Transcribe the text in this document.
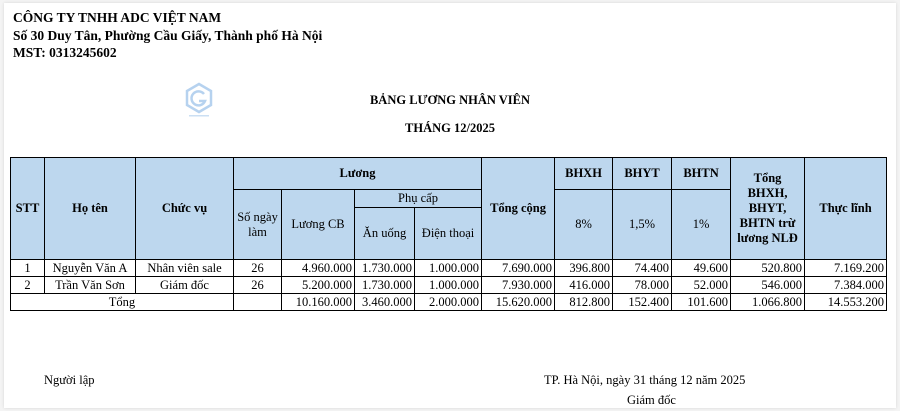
CÔNG TY TNHH ADC VIỆT NAM
Số 30 Duy Tân, Phường Cầu Giấy, Thành phố Hà Nội
MST: 0313245602
BẢNG LƯƠNG NHÂN VIÊN
THÁNG 12/2025
STT	Họ tên	Chức vụ	Lương				Tổng cộng	BHXH	BHYT	BHTN	Tổng BHXH, BHYT, BHTN trừ lương NLĐ	Thực lĩnh
			Số ngày làm	Lương CB	Phụ cấp			8%	1,5%	1%		
					Ăn uống	Điện thoại						
1	Nguyễn Văn A	Nhân viên sale	26	4.960.000	1.730.000	1.000.000	7.690.000	396.800	74.400	49.600	520.800	7.169.200
2	Trần Văn Sơn	Giám đốc	26	5.200.000	1.730.000	1.000.000	7.930.000	416.000	78.000	52.000	546.000	7.384.000
Tổng				10.160.000	3.460.000	2.000.000	15.620.000	812.800	152.400	101.600	1.066.800	14.553.200
Người lập	TP. Hà Nội, ngày 31 tháng 12 năm 2025
Giám đốc
